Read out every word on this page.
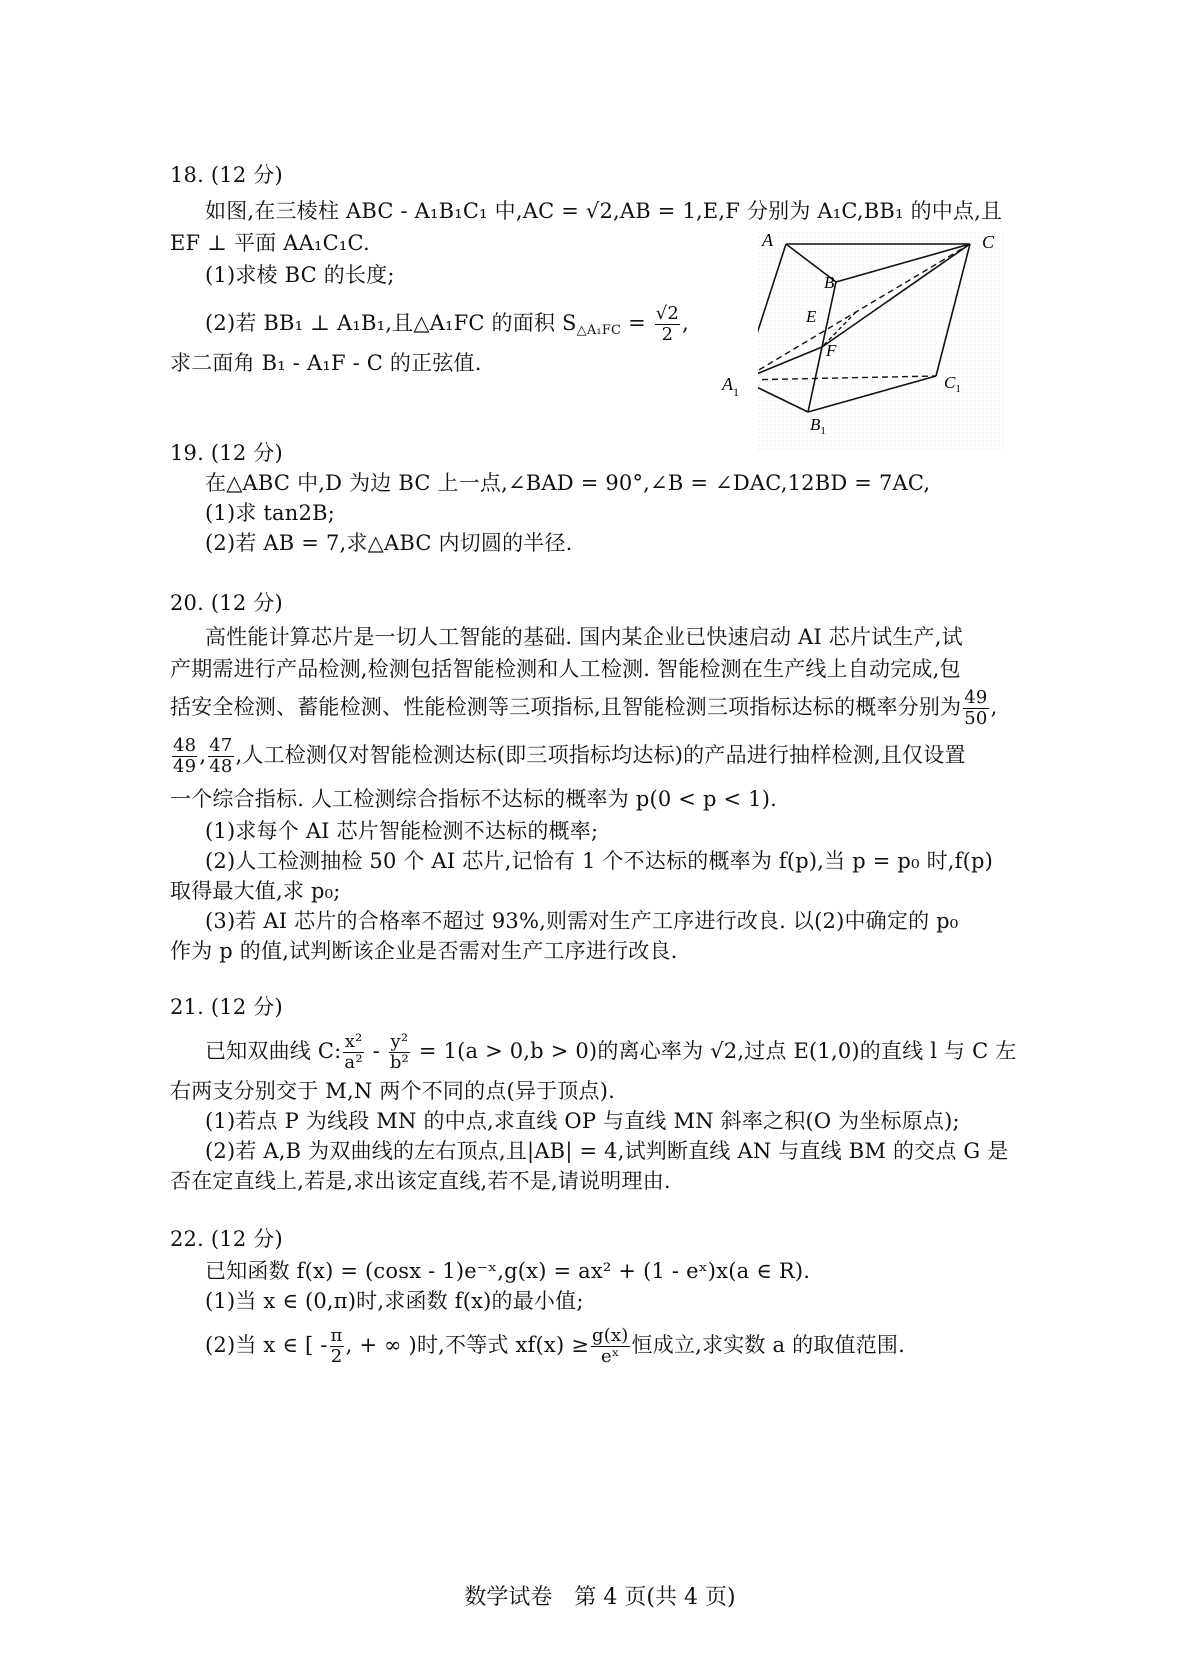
18. (12 分)
如图,在三棱柱 ABC - A₁B₁C₁ 中,AC = √2,AB = 1,E,F 分别为 A₁C,BB₁ 的中点,且
EF ⊥ 平面 AA₁C₁C.
(1)求棱 BC 的长度;
(2)若 BB₁ ⊥ A₁B₁,且△A₁FC 的面积 $S_{\triangle A_1FC} = \frac{√2}{2}$ ,
求二面角 B₁ - A₁F - C 的正弦值.
A	C
B
E
F
$C_1$
$B_1$
$A_1$
19. (12 分)
在△ABC 中,D 为边 BC 上一点,∠BAD = 90°,∠B = ∠DAC,12BD = 7AC,
(1)求 tan2B;
(2)若 AB = 7,求△ABC 内切圆的半径.
20. (12 分)
高性能计算芯片是一切人工智能的基础. 国内某企业已快速启动 AI 芯片试生产,试
产期需进行产品检测,检测包括智能检测和人工检测. 智能检测在生产线上自动完成,包
括安全检测、蓄能检测、性能检测等三项指标,且智能检测三项指标达标的概率分别为 $\frac{49}{50}$ ,
$\frac{48}{49}$ , $\frac{47}{48}$ ,人工检测仅对智能检测达标(即三项指标均达标)的产品进行抽样检测,且仅设置
一个综合指标. 人工检测综合指标不达标的概率为 p(0 < p < 1).
(1)求每个 AI 芯片智能检测不达标的概率;
(2)人工检测抽检 50 个 AI 芯片,记恰有 1 个不达标的概率为 f(p),当 p = p₀ 时,f(p)
取得最大值,求 p₀;
(3)若 AI 芯片的合格率不超过 93%,则需对生产工序进行改良. 以(2)中确定的 p₀
作为 p 的值,试判断该企业是否需对生产工序进行改良.
21. (12 分)
已知双曲线 C: $\frac{\text{x²}}{\text{a²}} - \frac{\text{y²}}{\text{b²}} = 1(a > 0,b > 0)$的离心率为 √2,过点 E(1,0)的直线 l 与 C 左
右两支分别交于 M,N 两个不同的点(异于顶点).
(1)若点 P 为线段 MN 的中点,求直线 OP 与直线 MN 斜率之积(O 为坐标原点);
(2)若 A,B 为双曲线的左右顶点,且|AB| = 4,试判断直线 AN 与直线 BM 的交点 G 是
否在定直线上,若是,求出该定直线,若不是,请说明理由.
22. (12 分)
已知函数 f(x) = (cosx - 1)e⁻ˣ,g(x) = ax² + (1 - eˣ)x(a ∈ R).
(1)当 x ∈ (0,π)时,求函数 f(x)的最小值;
(2)当 x ∈ [ - $\frac{\pi}{2}$ , + ∞ )时,不等式 $xf(x) \ge \frac{g(x)}{\text{eˣ}}$ 恒成立,求实数 a 的取值范围.
数学试卷　第 4 页(共 4 页)
